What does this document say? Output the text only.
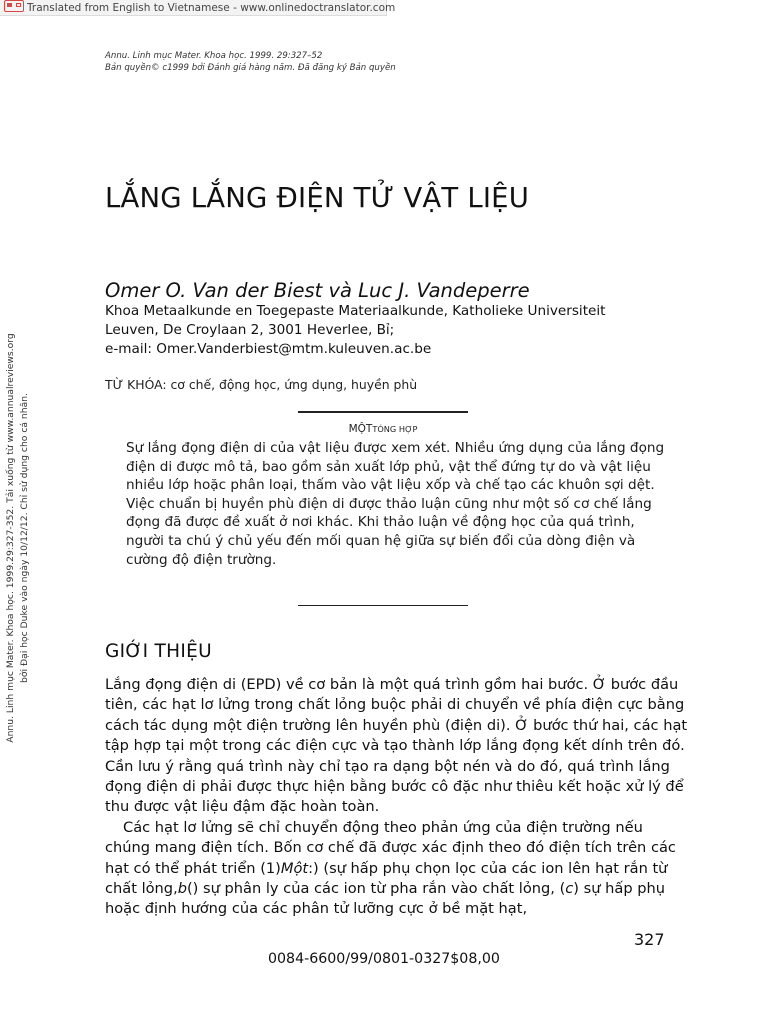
Translated from English to Vietnamese - www.onlinedoctranslator.com
Annu. Linh mục Mater. Khoa học. 1999. 29:327–52
Bản quyền© c1999 bởi Đánh giá hàng năm. Đã đăng ký Bản quyền
Annu. Linh mục Mater. Khoa học. 1999.29:327-352. Tải xuống từ www.annualreviews.org bởi Đại học Duke vào ngày 10/12/12. Chỉ sử dụng cho cá nhân.
LẮNG LẮNG ĐIỆN TỬ VẬT LIỆU
Omer O. Van der Biest và Luc J. Vandeperre
Khoa Metaalkunde en Toegepaste Materiaalkunde, Katholieke Universiteit
Leuven, De Croylaan 2, 3001 Heverlee, Bỉ;
e-mail: Omer.Vanderbiest@mtm.kuleuven.ac.be
TỪ KHÓA: cơ chế, động học, ứng dụng, huyền phù
MỘTTÓNG HỢP
Sự lắng đọng điện di của vật liệu được xem xét. Nhiều ứng dụng của lắng đọng
điện di được mô tả, bao gồm sản xuất lớp phủ, vật thể đứng tự do và vật liệu
nhiều lớp hoặc phân loại, thấm vào vật liệu xốp và chế tạo các khuôn sợi dệt.
Việc chuẩn bị huyền phù điện di được thảo luận cũng như một số cơ chế lắng
đọng đã được đề xuất ở nơi khác. Khi thảo luận về động học của quá trình,
người ta chú ý chủ yếu đến mối quan hệ giữa sự biến đổi của dòng điện và
cường độ điện trường.
GIỚI THIỆU
Lắng đọng điện di (EPD) về cơ bản là một quá trình gồm hai bước. Ở bước đầu
tiên, các hạt lơ lửng trong chất lỏng buộc phải di chuyển về phía điện cực bằng
cách tác dụng một điện trường lên huyền phù (điện di). Ở bước thứ hai, các hạt
tập hợp tại một trong các điện cực và tạo thành lớp lắng đọng kết dính trên đó.
Cần lưu ý rằng quá trình này chỉ tạo ra dạng bột nén và do đó, quá trình lắng
đọng điện di phải được thực hiện bằng bước cô đặc như thiêu kết hoặc xử lý để
thu được vật liệu đậm đặc hoàn toàn.
Các hạt lơ lửng sẽ chỉ chuyển động theo phản ứng của điện trường nếu
chúng mang điện tích. Bốn cơ chế đã được xác định theo đó điện tích trên các
hạt có thể phát triển (1)Một:) (sự hấp phụ chọn lọc của các ion lên hạt rắn từ
chất lỏng,b() sự phân ly của các ion từ pha rắn vào chất lỏng, (c) sự hấp phụ
hoặc định hướng của các phân tử lưỡng cực ở bề mặt hạt,
327
0084-6600/99/0801-0327$08,00
